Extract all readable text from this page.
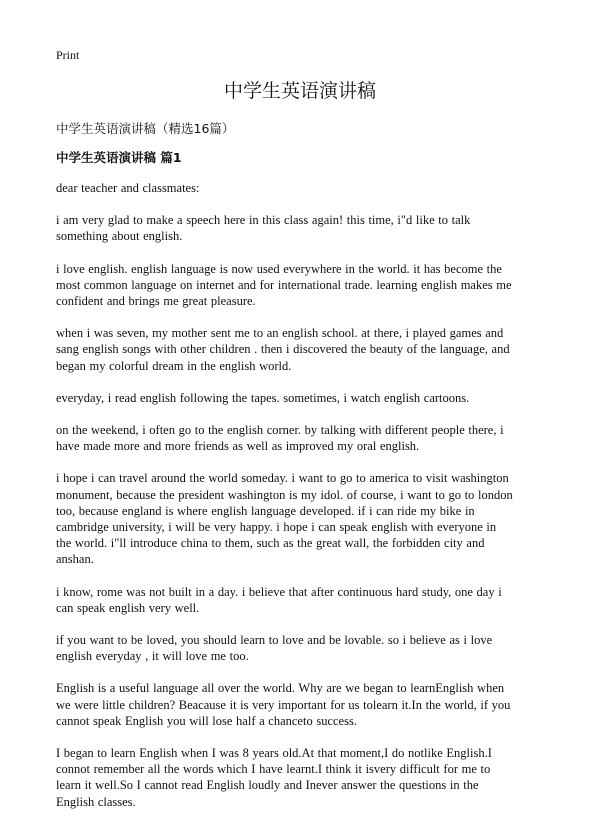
Print
中学生英语演讲稿
中学生英语演讲稿（精选16篇）
中学生英语演讲稿 篇1

dear teacher and classmates:

i am very glad to make a speech here in this class again! this time, i"d like to talk
something about english.

i love english. english language is now used everywhere in the world. it has become the
most common language on internet and for international trade. learning english makes me
confident and brings me great pleasure.

when i was seven, my mother sent me to an english school. at there, i played games and
sang english songs with other children . then i discovered the beauty of the language, and
began my colorful dream in the english world.

everyday, i read english following the tapes. sometimes, i watch english cartoons.

on the weekend, i often go to the english corner. by talking with different people there, i
have made more and more friends as well as improved my oral english.

i hope i can travel around the world someday. i want to go to america to visit washington
monument, because the president washington is my idol. of course, i want to go to london
too, because england is where english language developed. if i can ride my bike in
cambridge university, i will be very happy. i hope i can speak english with everyone in
the world. i"ll introduce china to them, such as the great wall, the forbidden city and
anshan.

i know, rome was not built in a day. i believe that after continuous hard study, one day i
can speak english very well.

if you want to be loved, you should learn to love and be lovable. so i believe as i love
english everyday , it will love me too.

English is a useful language all over the world. Why are we began to learnEnglish when
we were little children? Beacause it is very important for us tolearn it.In the world, if you
cannot speak English you will lose half a chanceto success.

I began to learn English when I was 8 years old.At that moment,I do notlike English.I
connot remember all the words which I have learnt.I think it isvery difficult for me to
learn it well.So I cannot read English loudly and Inever answer the questions in the
English classes.
